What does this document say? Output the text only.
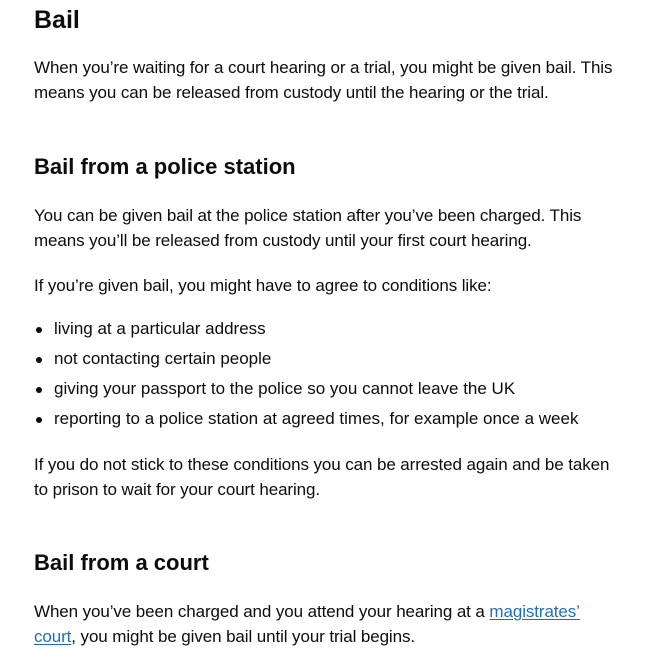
Bail

When you’re waiting for a court hearing or a trial, you might be given bail. This
means you can be released from custody until the hearing or the trial.

Bail from a police station

You can be given bail at the police station after you’ve been charged. This
means you’ll be released from custody until your first court hearing.

If you’re given bail, you might have to agree to conditions like:

living at a particular address
not contacting certain people
giving your passport to the police so you cannot leave the UK
reporting to a police station at agreed times, for example once a week

If you do not stick to these conditions you can be arrested again and be taken
to prison to wait for your court hearing.

Bail from a court

When you’ve been charged and you attend your hearing at a magistrates’
court, you might be given bail until your trial begins.
